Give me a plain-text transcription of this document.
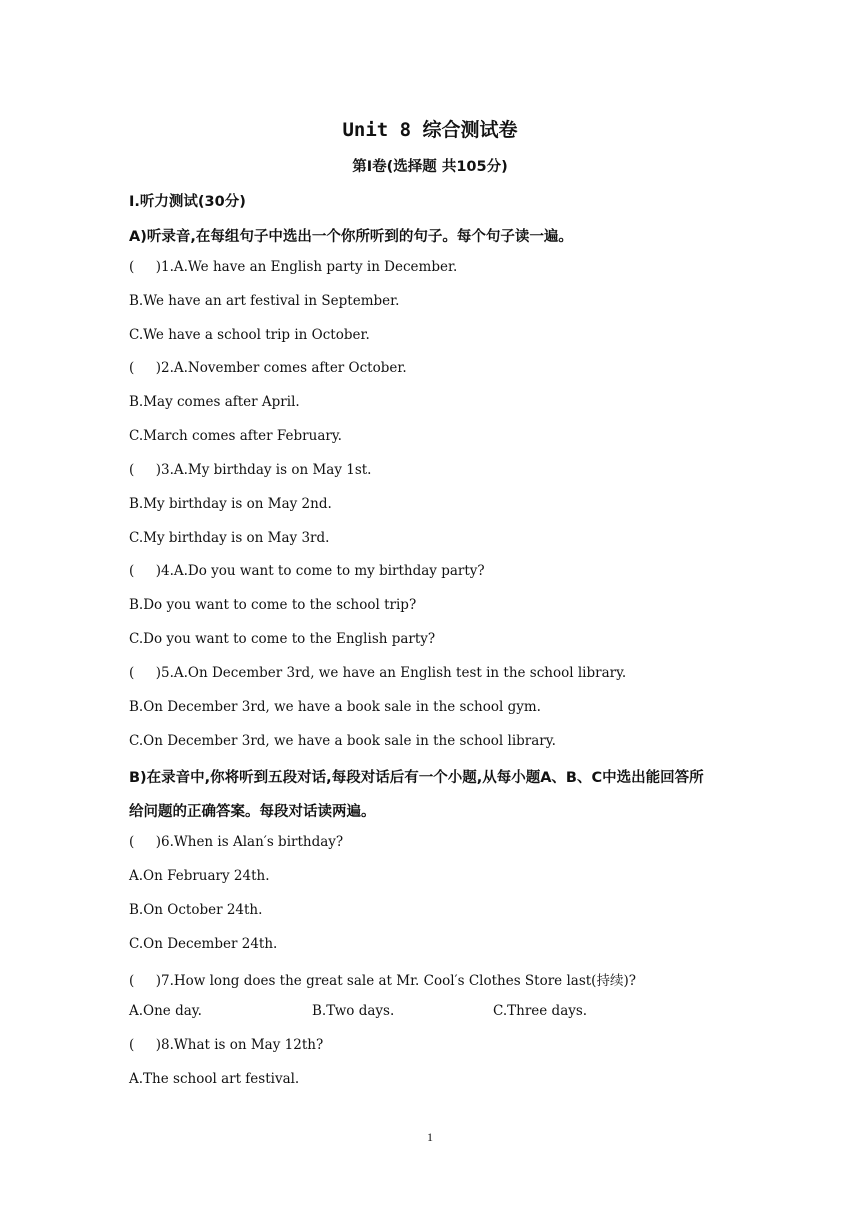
Unit 8 综合测试卷
第Ⅰ卷(选择题 共105分)
Ⅰ.听力测试(30分)
A)听录音,在每组句子中选出一个你所听到的句子。每个句子读一遍。
(     )1.A.We have an English party in December.
B.We have an art festival in September.
C.We have a school trip in October.
(     )2.A.November comes after October.
B.May comes after April.
C.March comes after February.
(     )3.A.My birthday is on May 1st.
B.My birthday is on May 2nd.
C.My birthday is on May 3rd.
(     )4.A.Do you want to come to my birthday party?
B.Do you want to come to the school trip?
C.Do you want to come to the English party?
(     )5.A.On December 3rd, we have an English test in the school library.
B.On December 3rd, we have a book sale in the school gym.
C.On December 3rd, we have a book sale in the school library.
B)在录音中,你将听到五段对话,每段对话后有一个小题,从每小题A、B、C中选出能回答所
给问题的正确答案。每段对话读两遍。
(     )6.When is Alan′s birthday?
A.On February 24th.
B.On October 24th.
C.On December 24th.
(     )7.How long does the great sale at Mr. Cool′s Clothes Store last(持续)?
A.One day.	B.Two days.	C.Three days.
(     )8.What is on May 12th?
A.The school art festival.
1
